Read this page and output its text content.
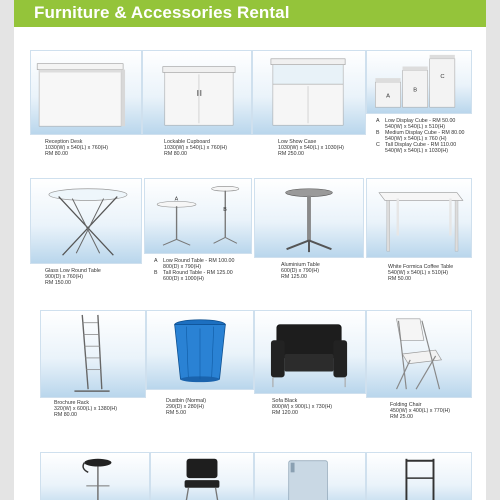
Furniture & Accessories Rental
Reception Desk
1030(W) x 540(L) x 760(H)
RM 80.00
Lockable Cupboard
1030(W) x 540(L) x 760(H)
RM 80.00
Low Show Case
1030(W) x 540(L) x 1030(H)
RM 250.00
A
B
C
A	Low Display Cube - RM 50.00
540(W) x 540(L) x 510(H)
B	Medium Display Cube - RM 80.00
540(W) x 540(L) x 760 (H)
C Tall Display Cube - RM 110.00
540(W) x 540(L) x 1030(H)
Glass Low Round Table
900(D) x 760(H)
RM 150.00
A
B
A	Low Round Table - RM 100.00
800(D) x 790(H)
B	Tall Round Table - RM 125.00
600(D) x 1000(H)
Aluminium Table
600(D) x 790(H)
RM 125.00
White Formica Coffee Table
540(W) x 540(L) x 510(H)
RM 50.00
Brochure Rack
320(W) x 600(L) x 1380(H)
RM 80.00
Dustbin (Normal)
290(D) x 280(H)
RM 5.00
Sofa Black
800(W) x 900(L) x 730(H)
RM 120.00
Folding Chair
450(W) x 400(L) x 770(H)
RM 25.00
